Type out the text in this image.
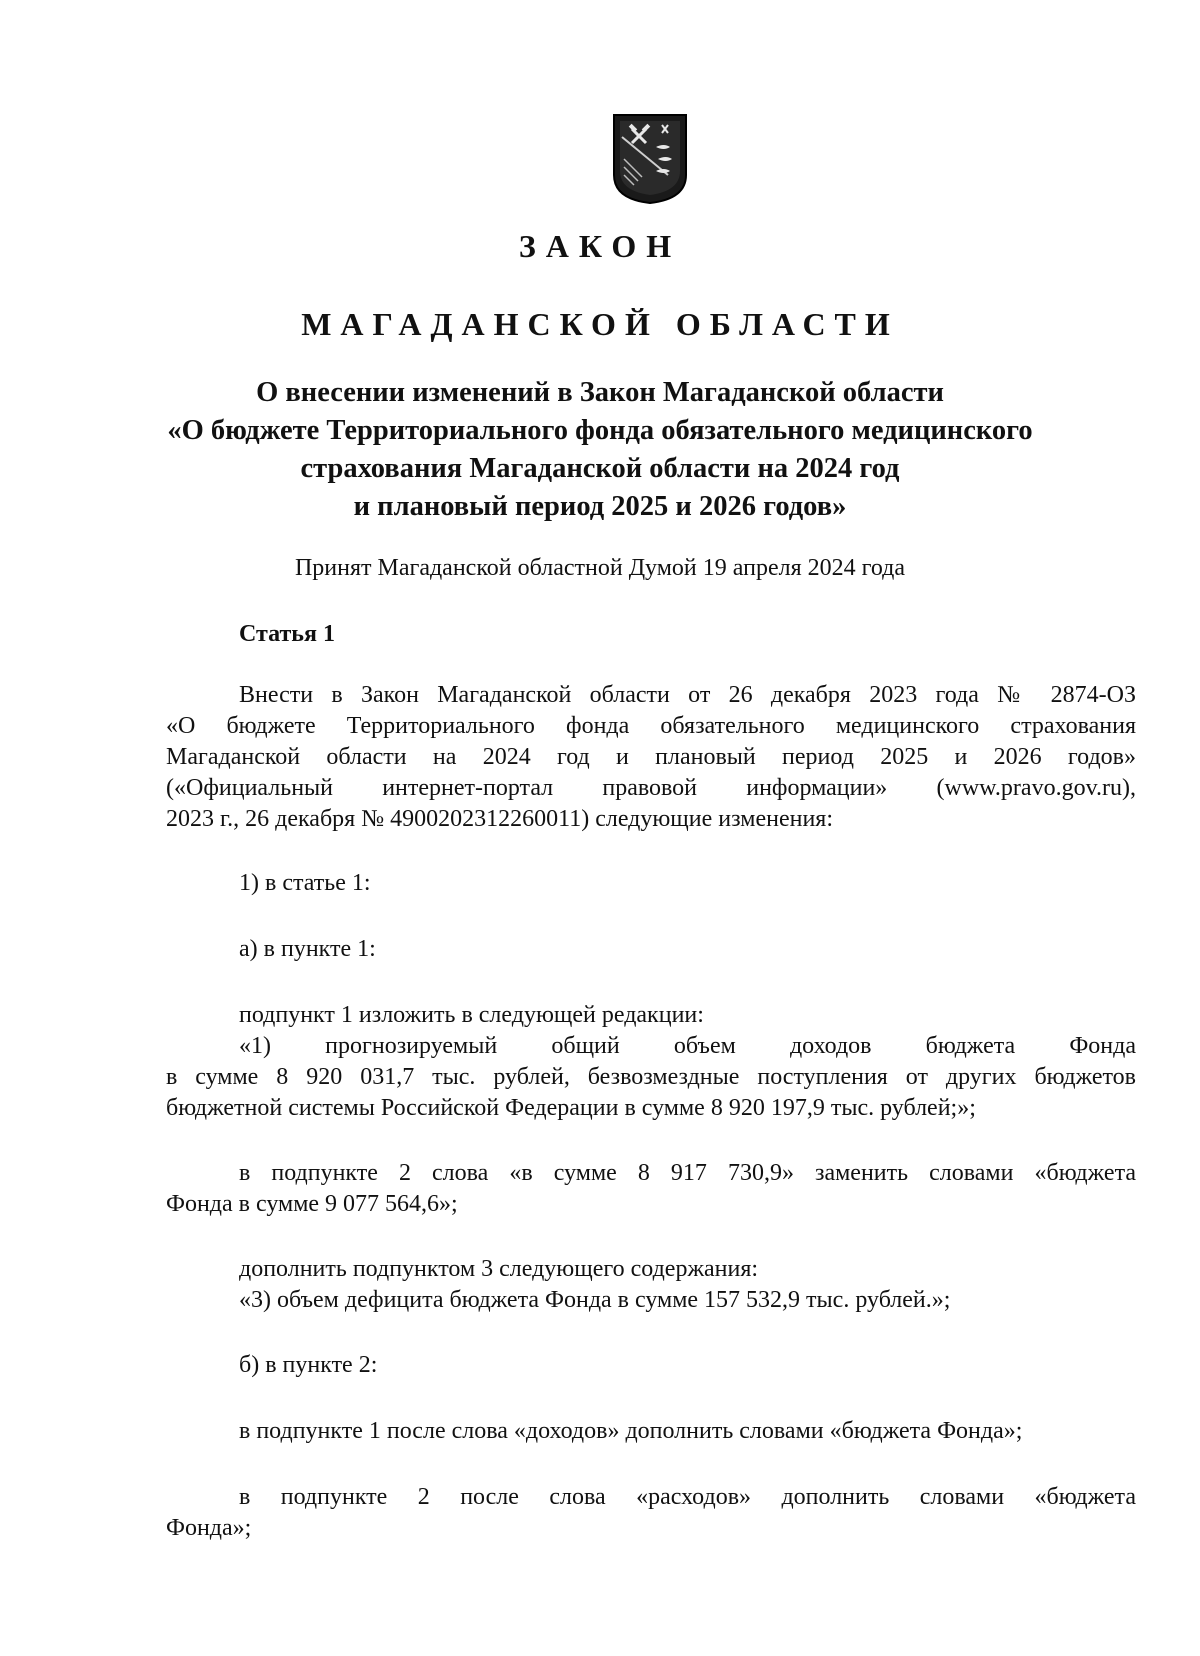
ЗАКОН
МАГАДАНСКОЙ ОБЛАСТИ
О внесении изменений в Закон Магаданской области
«О бюджете Территориального фонда обязательного медицинского
страхования Магаданской области на 2024 год
и плановый период 2025 и 2026 годов»
Принят Магаданской областной Думой 19 апреля 2024 года
Статья 1
Внести в Закон Магаданской области от 26 декабря 2023 года № 2874-ОЗ
«О бюджете Территориального фонда обязательного медицинского страхования
Магаданской области на 2024 год и плановый период 2025 и 2026 годов»
(«Официальный интернет-портал правовой информации» (www.pravo.gov.ru),
2023 г., 26 декабря № 4900202312260011) следующие изменения:
1) в статье 1:
а) в пункте 1:
подпункт 1 изложить в следующей редакции:
«1) прогнозируемый общий объем доходов бюджета Фонда
в сумме 8 920 031,7 тыс. рублей, безвозмездные поступления от других бюджетов
бюджетной системы Российской Федерации в сумме 8 920 197,9 тыс. рублей;»;
в подпункте 2 слова «в сумме 8 917 730,9» заменить словами «бюджета
Фонда в сумме 9 077 564,6»;
дополнить подпунктом 3 следующего содержания:
«3) объем дефицита бюджета Фонда в сумме 157 532,9 тыс. рублей.»;
б) в пункте 2:
в подпункте 1 после слова «доходов» дополнить словами «бюджета Фонда»;
в подпункте 2 после слова «расходов» дополнить словами «бюджета
Фонда»;
